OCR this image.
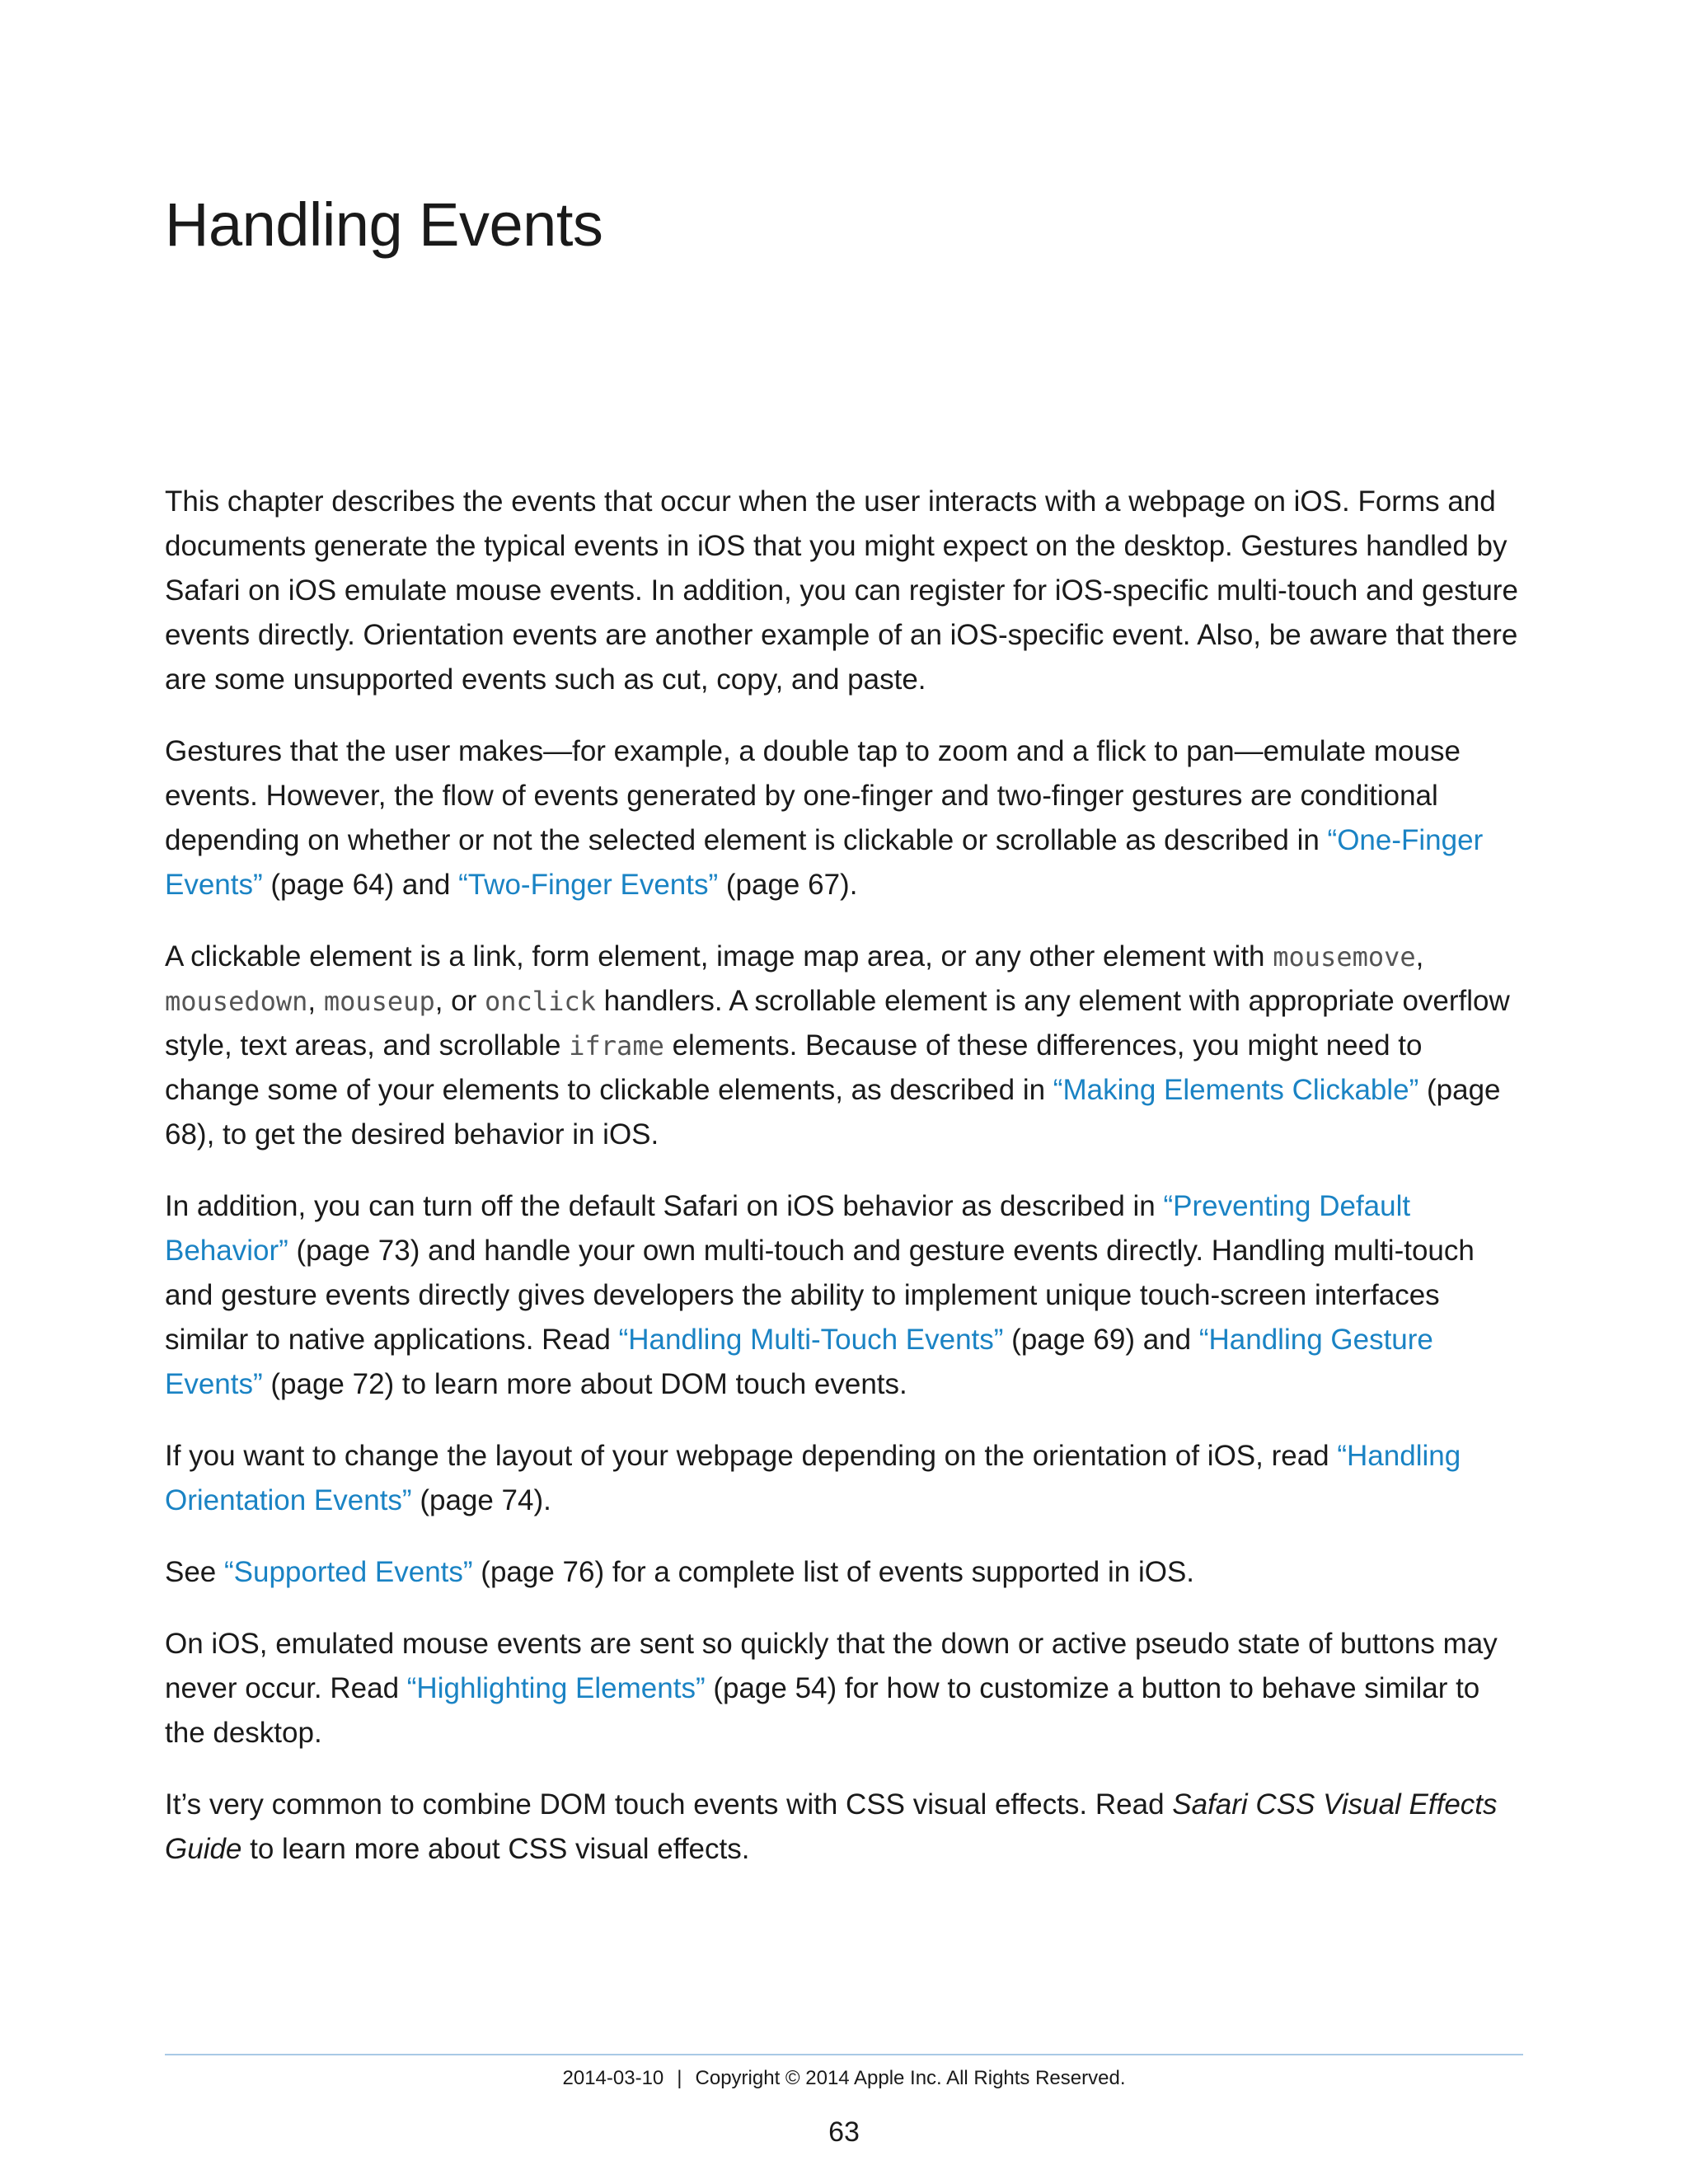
Handling Events

This chapter describes the events that occur when the user interacts with a webpage on iOS. Forms and documents generate the typical events in iOS that you might expect on the desktop. Gestures handled by Safari on iOS emulate mouse events. In addition, you can register for iOS-specific multi-touch and gesture events directly. Orientation events are another example of an iOS-specific event. Also, be aware that there are some unsupported events such as cut, copy, and paste.

Gestures that the user makes—for example, a double tap to zoom and a flick to pan—emulate mouse events. However, the flow of events generated by one-finger and two-finger gestures are conditional depending on whether or not the selected element is clickable or scrollable as described in “One-Finger Events” (page 64) and “Two-Finger Events” (page 67).

A clickable element is a link, form element, image map area, or any other element with mousemove, mousedown, mouseup, or onclick handlers. A scrollable element is any element with appropriate overflow style, text areas, and scrollable iframe elements. Because of these differences, you might need to change some of your elements to clickable elements, as described in “Making Elements Clickable” (page 68), to get the desired behavior in iOS.

In addition, you can turn off the default Safari on iOS behavior as described in “Preventing Default Behavior” (page 73) and handle your own multi-touch and gesture events directly. Handling multi-touch and gesture events directly gives developers the ability to implement unique touch-screen interfaces similar to native applications. Read “Handling Multi-Touch Events” (page 69) and “Handling Gesture Events” (page 72) to learn more about DOM touch events.

If you want to change the layout of your webpage depending on the orientation of iOS, read “Handling Orientation Events” (page 74).

See “Supported Events” (page 76) for a complete list of events supported in iOS.

On iOS, emulated mouse events are sent so quickly that the down or active pseudo state of buttons may never occur. Read “Highlighting Elements” (page 54) for how to customize a button to behave similar to the desktop.

It’s very common to combine DOM touch events with CSS visual effects. Read Safari CSS Visual Effects Guide to learn more about CSS visual effects.

2014-03-10 | Copyright © 2014 Apple Inc. All Rights Reserved.
63
